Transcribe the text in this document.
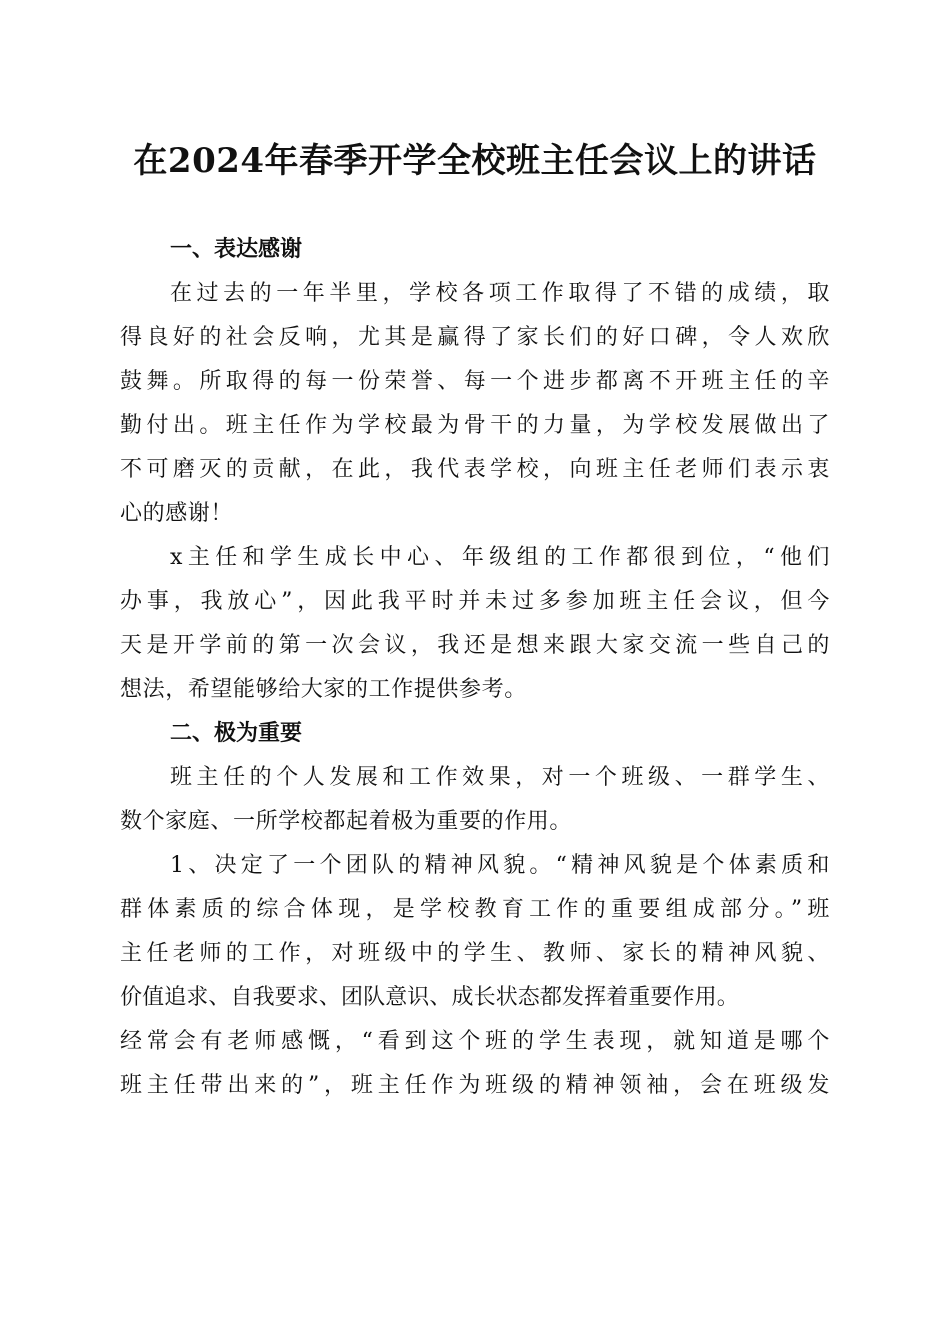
在2024年春季开学全校班主任会议上的讲话
一、表达感谢
在过去的一年半里，学校各项工作取得了不错的成绩，取
得良好的社会反响，尤其是赢得了家长们的好口碑，令人欢欣
鼓舞。所取得的每一份荣誉、每一个进步都离不开班主任的辛
勤付出。班主任作为学校最为骨干的力量，为学校发展做出了
不可磨灭的贡献，在此，我代表学校，向班主任老师们表示衷
心的感谢！
x主任和学生成长中心、年级组的工作都很到位，“他们
办事，我放心”，因此我平时并未过多参加班主任会议，但今
天是开学前的第一次会议，我还是想来跟大家交流一些自己的
想法，希望能够给大家的工作提供参考。
二、极为重要
班主任的个人发展和工作效果，对一个班级、一群学生、
数个家庭、一所学校都起着极为重要的作用。
1、决定了一个团队的精神风貌。“精神风貌是个体素质和
群体素质的综合体现，是学校教育工作的重要组成部分。”班
主任老师的工作，对班级中的学生、教师、家长的精神风貌、
价值追求、自我要求、团队意识、成长状态都发挥着重要作用。
经常会有老师感慨，“看到这个班的学生表现，就知道是哪个
班主任带出来的”，班主任作为班级的精神领袖，会在班级发
